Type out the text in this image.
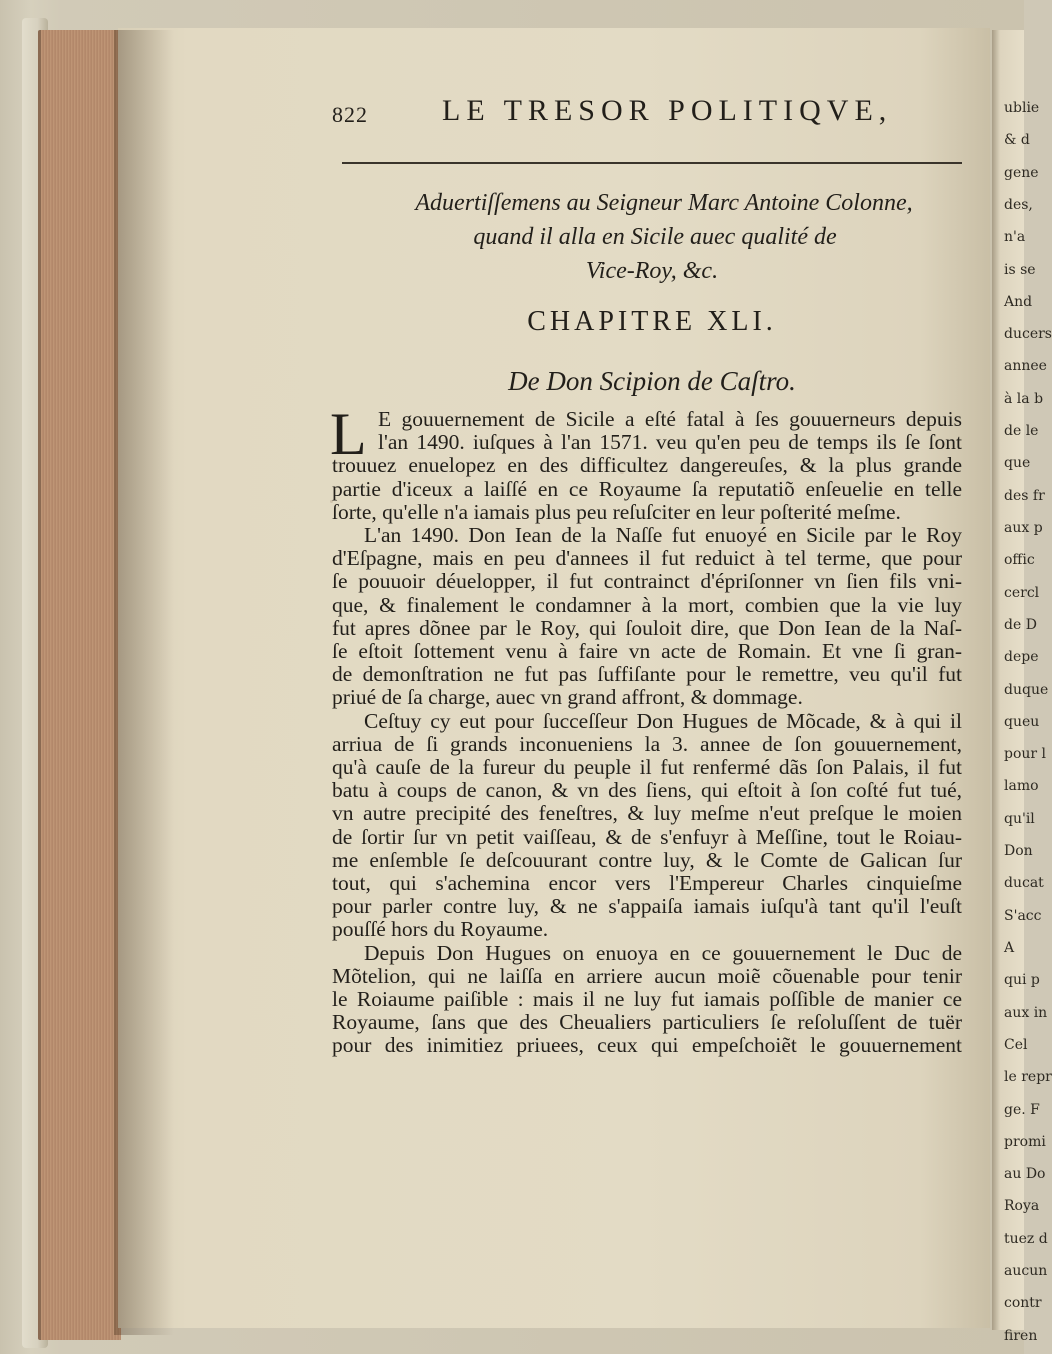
ublie
& d
gene
des,
n'a
is se
And
ducers
annee
à la b
de le
que
des fr
aux p
offic
cercl
de D
depe
duque
queu
pour l
lamo
qu'il
Don
ducat
S'acc
A
qui p
aux in
Cel
le repr
ge. F
promi
au Do
Roya
tuez d
aucun
contr
firen
822 LE TRESOR POLITIQVE,
Aduertiſſemens au Seigneur Marc Antoine Colonne,
quand il alla en Sicile auec qualité de
Vice-Roy, &c.
CHAPITRE XLI.
De Don Scipion de Caſtro.
L E gouuernement de Sicile a eſté fatal à ſes gouuerneurs depuis
l'an 1490. iuſques à l'an 1571. veu qu'en peu de temps ils ſe ſont
trouuez enuelopez en des difficultez dangereuſes, & la plus grande
partie d'iceux a laiſſé en ce Royaume ſa reputatiõ enſeuelie en telle
ſorte, qu'elle n'a iamais plus peu reſuſciter en leur poſterité meſme.
L'an 1490. Don Iean de la Naſſe fut enuoyé en Sicile par le Roy
d'Eſpagne, mais en peu d'annees il fut reduict à tel terme, que pour
ſe pouuoir déuelopper, il fut contrainct d'épriſonner vn ſien fils vni-
que, & finalement le condamner à la mort, combien que la vie luy
fut apres dõnee par le Roy, qui ſouloit dire, que Don Iean de la Naſ-
ſe eſtoit ſottement venu à faire vn acte de Romain. Et vne ſi gran-
de demonſtration ne fut pas ſuffiſante pour le remettre, veu qu'il fut
priué de ſa charge, auec vn grand affront, & dommage.
Ceſtuy cy eut pour ſucceſſeur Don Hugues de Mõcade, & à qui il
arriua de ſi grands inconueniens la 3. annee de ſon gouuernement,
qu'à cauſe de la fureur du peuple il fut renfermé dãs ſon Palais, il fut
batu à coups de canon, & vn des ſiens, qui eſtoit à ſon coſté fut tué,
vn autre precipité des feneſtres, & luy meſme n'eut preſque le moien
de ſortir ſur vn petit vaiſſeau, & de s'enfuyr à Meſſine, tout le Roiau-
me enſemble ſe deſcouurant contre luy, & le Comte de Galican ſur
tout, qui s'achemina encor vers l'Empereur Charles cinquieſme
pour parler contre luy, & ne s'appaiſa iamais iuſqu'à tant qu'il l'euſt
pouſſé hors du Royaume.
Depuis Don Hugues on enuoya en ce gouuernement le Duc de
Mõtelion, qui ne laiſſa en arriere aucun moiẽ cõuenable pour tenir
le Roiaume paiſible : mais il ne luy fut iamais poſſible de manier ce
Royaume, ſans que des Cheualiers particuliers ſe reſoluſſent de tuër
pour des inimitiez priuees, ceux qui empeſchoiẽt le gouuernement
